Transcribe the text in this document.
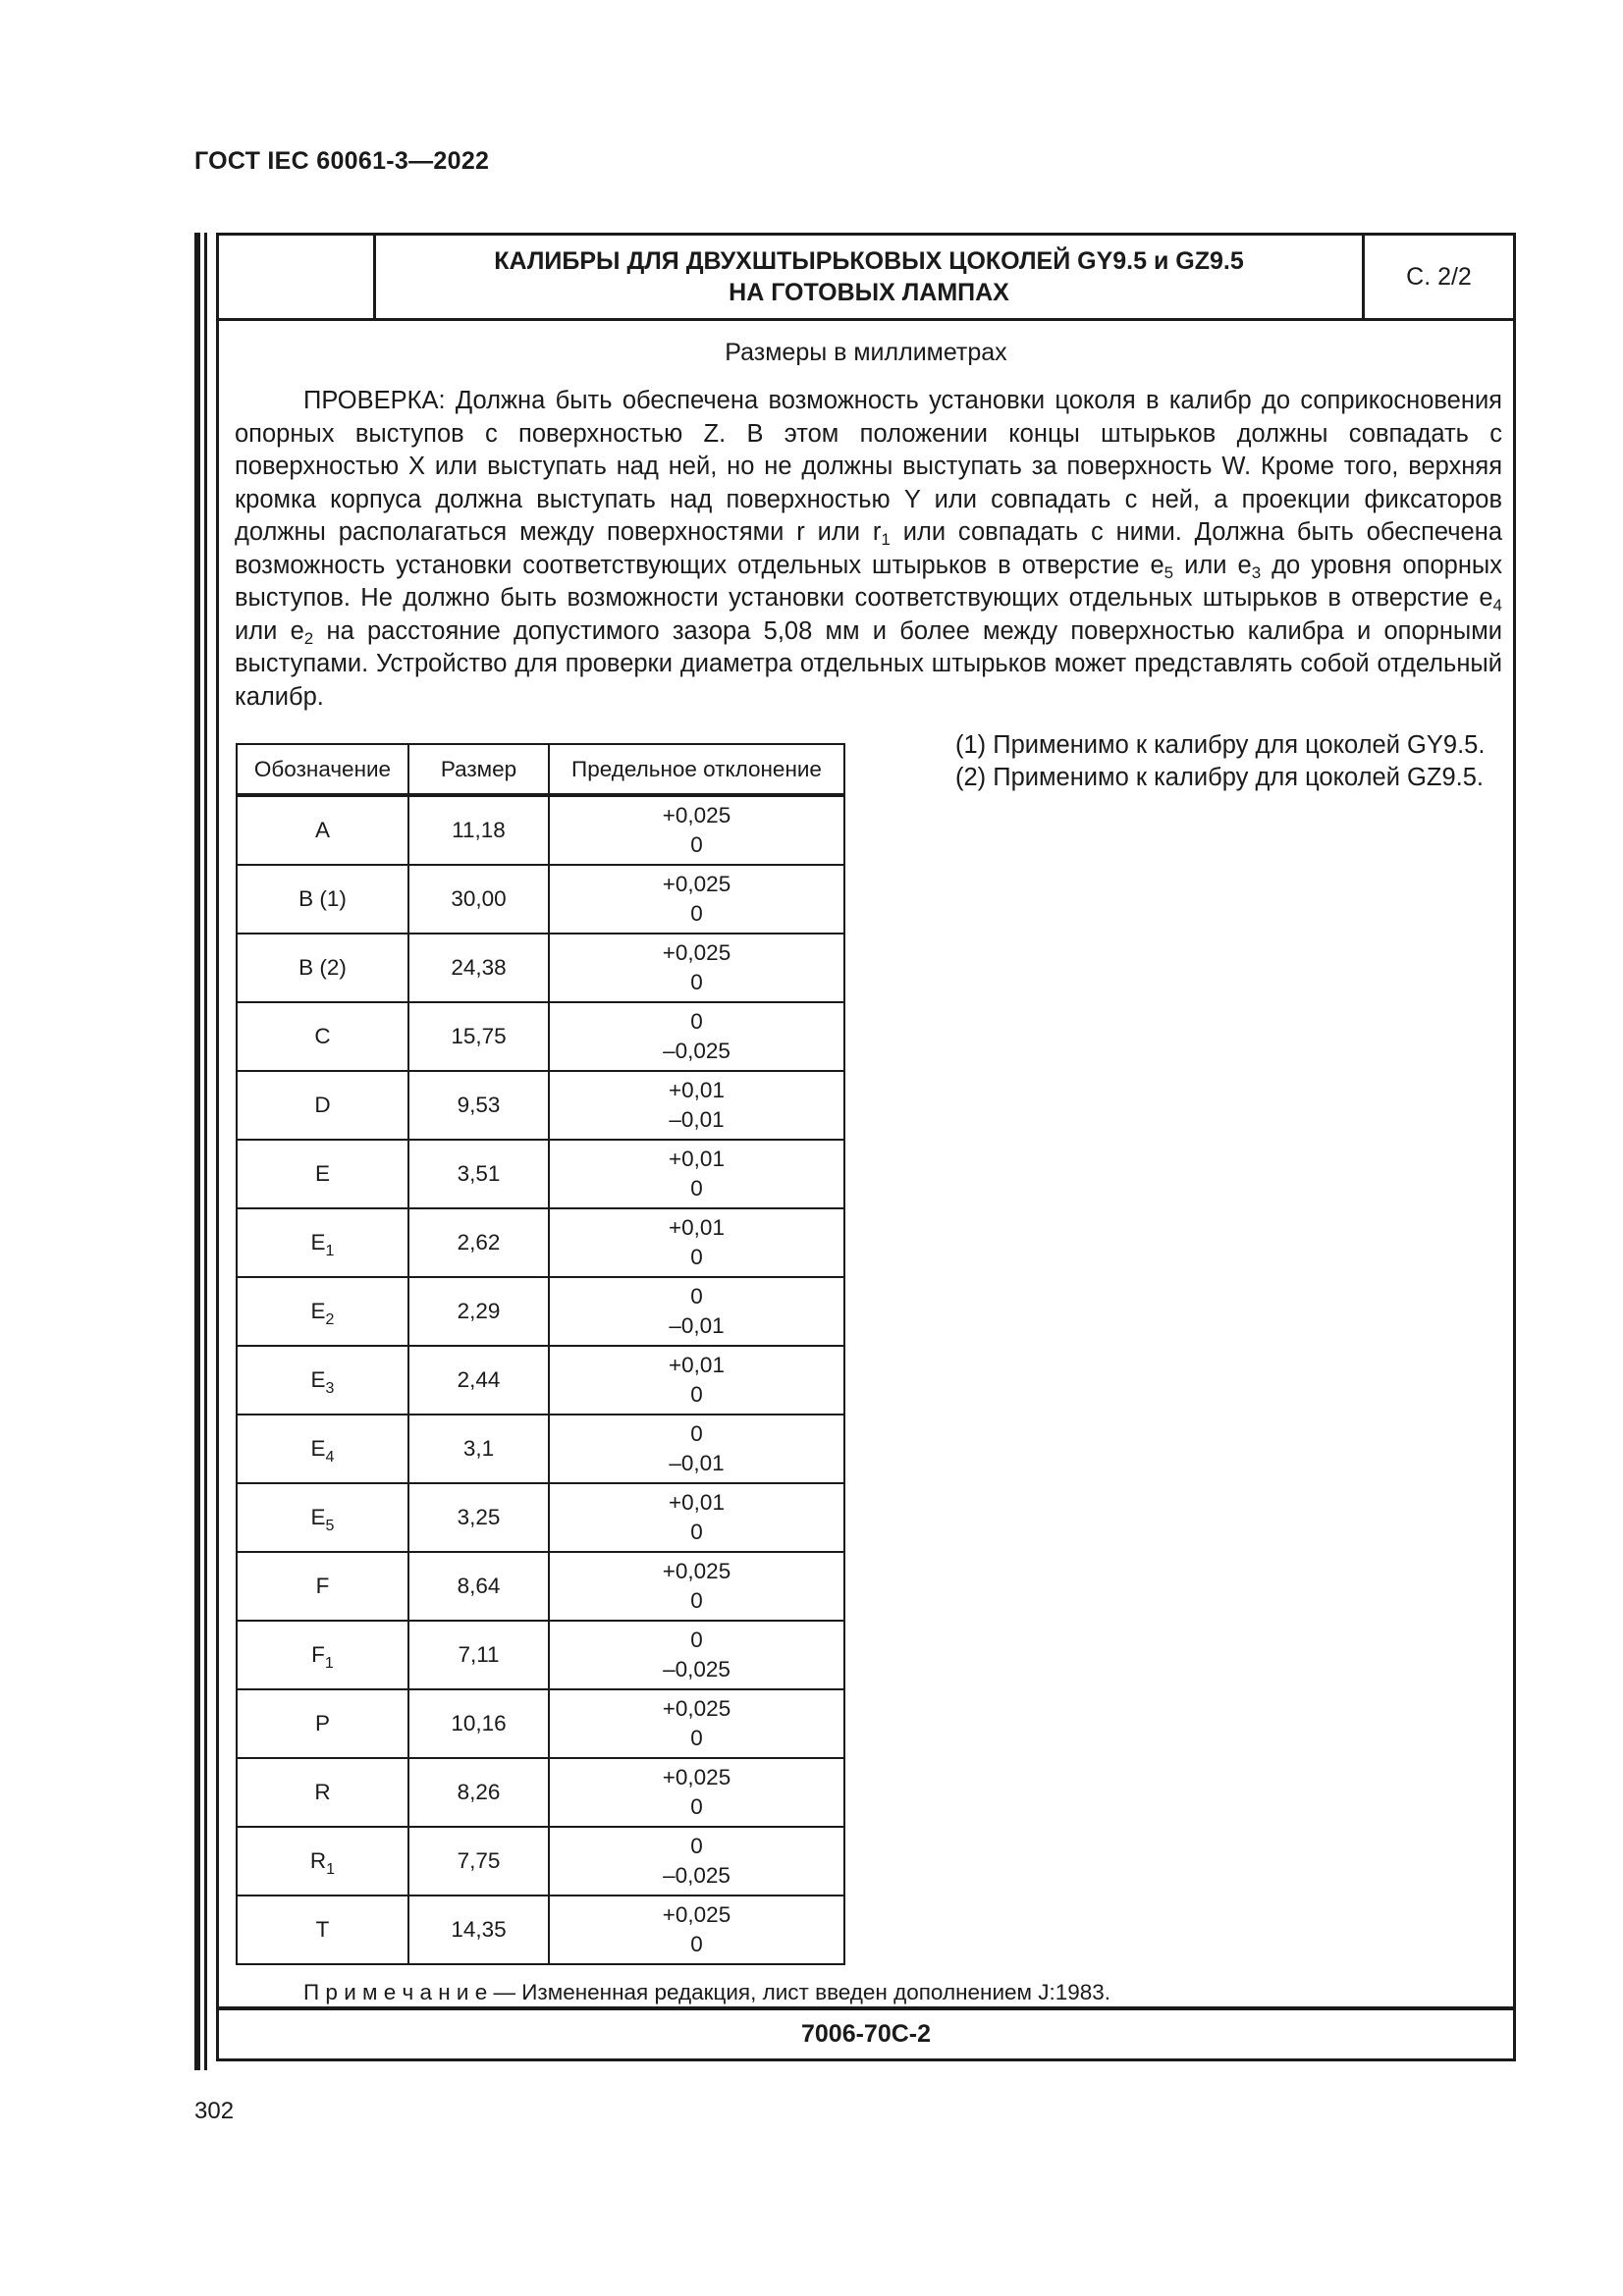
ГОСТ IEC 60061-3—2022
КАЛИБРЫ ДЛЯ ДВУХШТЫРЬКОВЫХ ЦОКОЛЕЙ GY9.5 и GZ9.5
НА ГОТОВЫХ ЛАМПАХ
С. 2/2
Размеры в миллиметрах

ПРОВЕРКА: Должна быть обеспечена возможность установки цоколя в калибр до соприкосновения опорных выступов с поверхностью Z. В этом положении концы штырьков должны совпадать с поверхностью X или выступать над ней, но не должны выступать за поверхность W. Кроме того, верхняя кромка корпуса должна выступать над поверхностью Y или совпадать с ней, а проекции фиксаторов должны располагаться между поверхностями r или $r_1$ или совпадать с ними. Должна быть обеспечена возможность установки соответствующих отдельных штырьков в отверстие $e_5$ или $e_3$ до уровня опорных выступов. Не должно быть возможности установки соответствующих отдельных штырьков в отверстие $e_4$ или $e_2$ на расстояние допустимого зазора 5,08 мм и более между поверхностью калибра и опорными выступами. Устройство для проверки диаметра отдельных штырьков может представлять собой отдельный калибр.

Обозначение	Размер	Предельное отклонение
A	11,18	+0,025
0

B (1)	30,00	+0,025
0

B (2)	24,38	+0,025
0

C	15,75	0
–0,025

D	9,53	+0,01
–0,01

E	3,51	+0,01
0

$E_1$	2,62	+0,01
0

$E_2$	2,29	0
–0,01

$E_3$	2,44	+0,01
0

$E_4$	3,1	0
–0,01

$E_5$	3,25	+0,01
0

F	8,64	+0,025
0

$F_1$	7,11	0
–0,025

P	10,16	+0,025
0

R	8,26	+0,025
0

$R_1$	7,75	0
–0,025

T	14,35	+0,025
0

(1) Применимо к калибру для цоколей GY9.5.

(2) Применимо к калибру для цоколей GZ9.5.

П р и м е ч а н и е — Измененная редакция, лист введен дополнением J:1983.
7006-70C-2
302
